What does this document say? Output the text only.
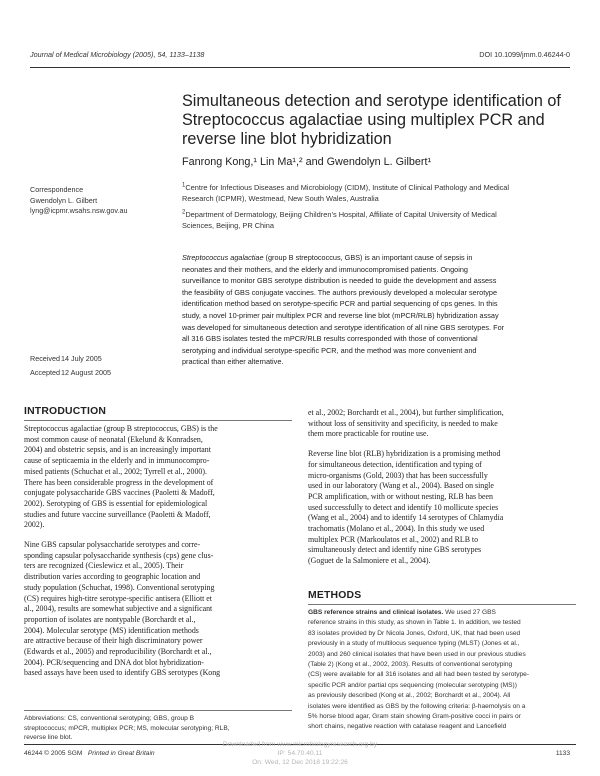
Journal of Medical Microbiology (2005), 54, 1133–1138	DOI 10.1099/jmm.0.46244-0
Simultaneous detection and serotype identification of Streptococcus agalactiae using multiplex PCR and reverse line blot hybridization
Fanrong Kong,¹ Lin Ma¹,² and Gwendolyn L. Gilbert¹
$^1$Centre for Infectious Diseases and Microbiology (CIDM), Institute of Clinical Pathology and Medical
Research (ICPMR), Westmead, New South Wales, Australia
$^2$Department of Dermatology, Beijing Children’s Hospital, Affiliate of Capital University of Medical
Sciences, Beijing, PR China
Correspondence
Gwendolyn L. Gilbert
lyng@icpmr.wsahs.nsw.gov.au
Received14 July 2005
Accepted12 August 2005
Streptococcus agalactiae (group B streptococcus, GBS) is an important cause of sepsis in
neonates and their mothers, and the elderly and immunocompromised patients. Ongoing
surveillance to monitor GBS serotype distribution is needed to guide the development and assess
the feasibility of GBS conjugate vaccines. The authors previously developed a molecular serotype
identification method based on serotype-specific PCR and partial sequencing of cps genes. In this
study, a novel 10-primer pair multiplex PCR and reverse line blot (mPCR/RLB) hybridization assay
was developed for simultaneous detection and serotype identification of all nine GBS serotypes. For
all 316 GBS isolates tested the mPCR/RLB results corresponded with those of conventional
serotyping and individual serotype-specific PCR, and the method was more convenient and
practical than either alternative.
INTRODUCTION

Streptococcus agalactiae (group B streptococcus, GBS) is the
most common cause of neonatal (Ekelund & Konradsen,
2004) and obstetric sepsis, and is an increasingly important
cause of septicaemia in the elderly and in immunocompro-
mised patients (Schuchat et al., 2002; Tyrrell et al., 2000).
There has been considerable progress in the development of
conjugate polysaccharide GBS vaccines (Paoletti & Madoff,
2002). Serotyping of GBS is essential for epidemiological
studies and future vaccine surveillance (Paoletti & Madoff,
2002).

Nine GBS capsular polysaccharide serotypes and corre-
sponding capsular polysaccharide synthesis (cps) gene clus-
ters are recognized (Cieslewicz et al., 2005). Their
distribution varies according to geographic location and
study population (Schuchat, 1998). Conventional serotyping
(CS) requires high-titre serotype-specific antisera (Elliott et
al., 2004), results are somewhat subjective and a significant
proportion of isolates are nontypable (Borchardt et al.,
2004). Molecular serotype (MS) identification methods
are attractive because of their high discriminatory power
(Edwards et al., 2005) and reproducibility (Borchardt et al.,
2004). PCR/sequencing and DNA dot blot hybridization-
based assays have been used to identify GBS serotypes (Kong

et al., 2002; Borchardt et al., 2004), but further simplification,
without loss of sensitivity and specificity, is needed to make
them more practicable for routine use.

Reverse line blot (RLB) hybridization is a promising method
for simultaneous detection, identification and typing of
micro-organisms (Gold, 2003) that has been successfully
used in our laboratory (Wang et al., 2004). Based on single
PCR amplification, with or without nesting, RLB has been
used successfully to detect and identify 10 mollicute species
(Wang et al., 2004) and to identify 14 serotypes of Chlamydia
trachomatis (Molano et al., 2004). In this study we used
multiplex PCR (Markoulatos et al., 2002) and RLB to
simultaneously detect and identify nine GBS serotypes
(Goguet de la Salmoniere et al., 2004).

METHODS
GBS reference strains and clinical isolates. We used 27 GBS
reference strains in this study, as shown in Table 1. In addition, we tested
83 isolates provided by Dr Nicola Jones, Oxford, UK, that had been used
previously in a study of multilocus sequence typing (MLST) (Jones et al.,
2003) and 260 clinical isolates that have been used in our previous studies
(Table 2) (Kong et al., 2002, 2003). Results of conventional serotyping
(CS) were available for all 316 isolates and all had been tested by serotype-
specific PCR and/or partial cps sequencing (molecular serotyping (MS))
as previously described (Kong et al., 2002; Borchardt et al., 2004). All
isolates were identified as GBS by the following criteria: β-haemolysis on a
5% horse blood agar, Gram stain showing Gram-positive cocci in pairs or
short chains, negative reaction with catalase reagent and Lancefield
Abbreviations: CS, conventional serotyping; GBS, group B
streptococcus; mPCR, multiplex PCR; MS, molecular serotyping; RLB,
reverse line blot.
46244 © 2005 SGM Printed in Great Britain	1133
Downloaded from www.microbiologyresearch.org by
IP: 54.70.40.11
On: Wed, 12 Dec 2018 19:22:26
